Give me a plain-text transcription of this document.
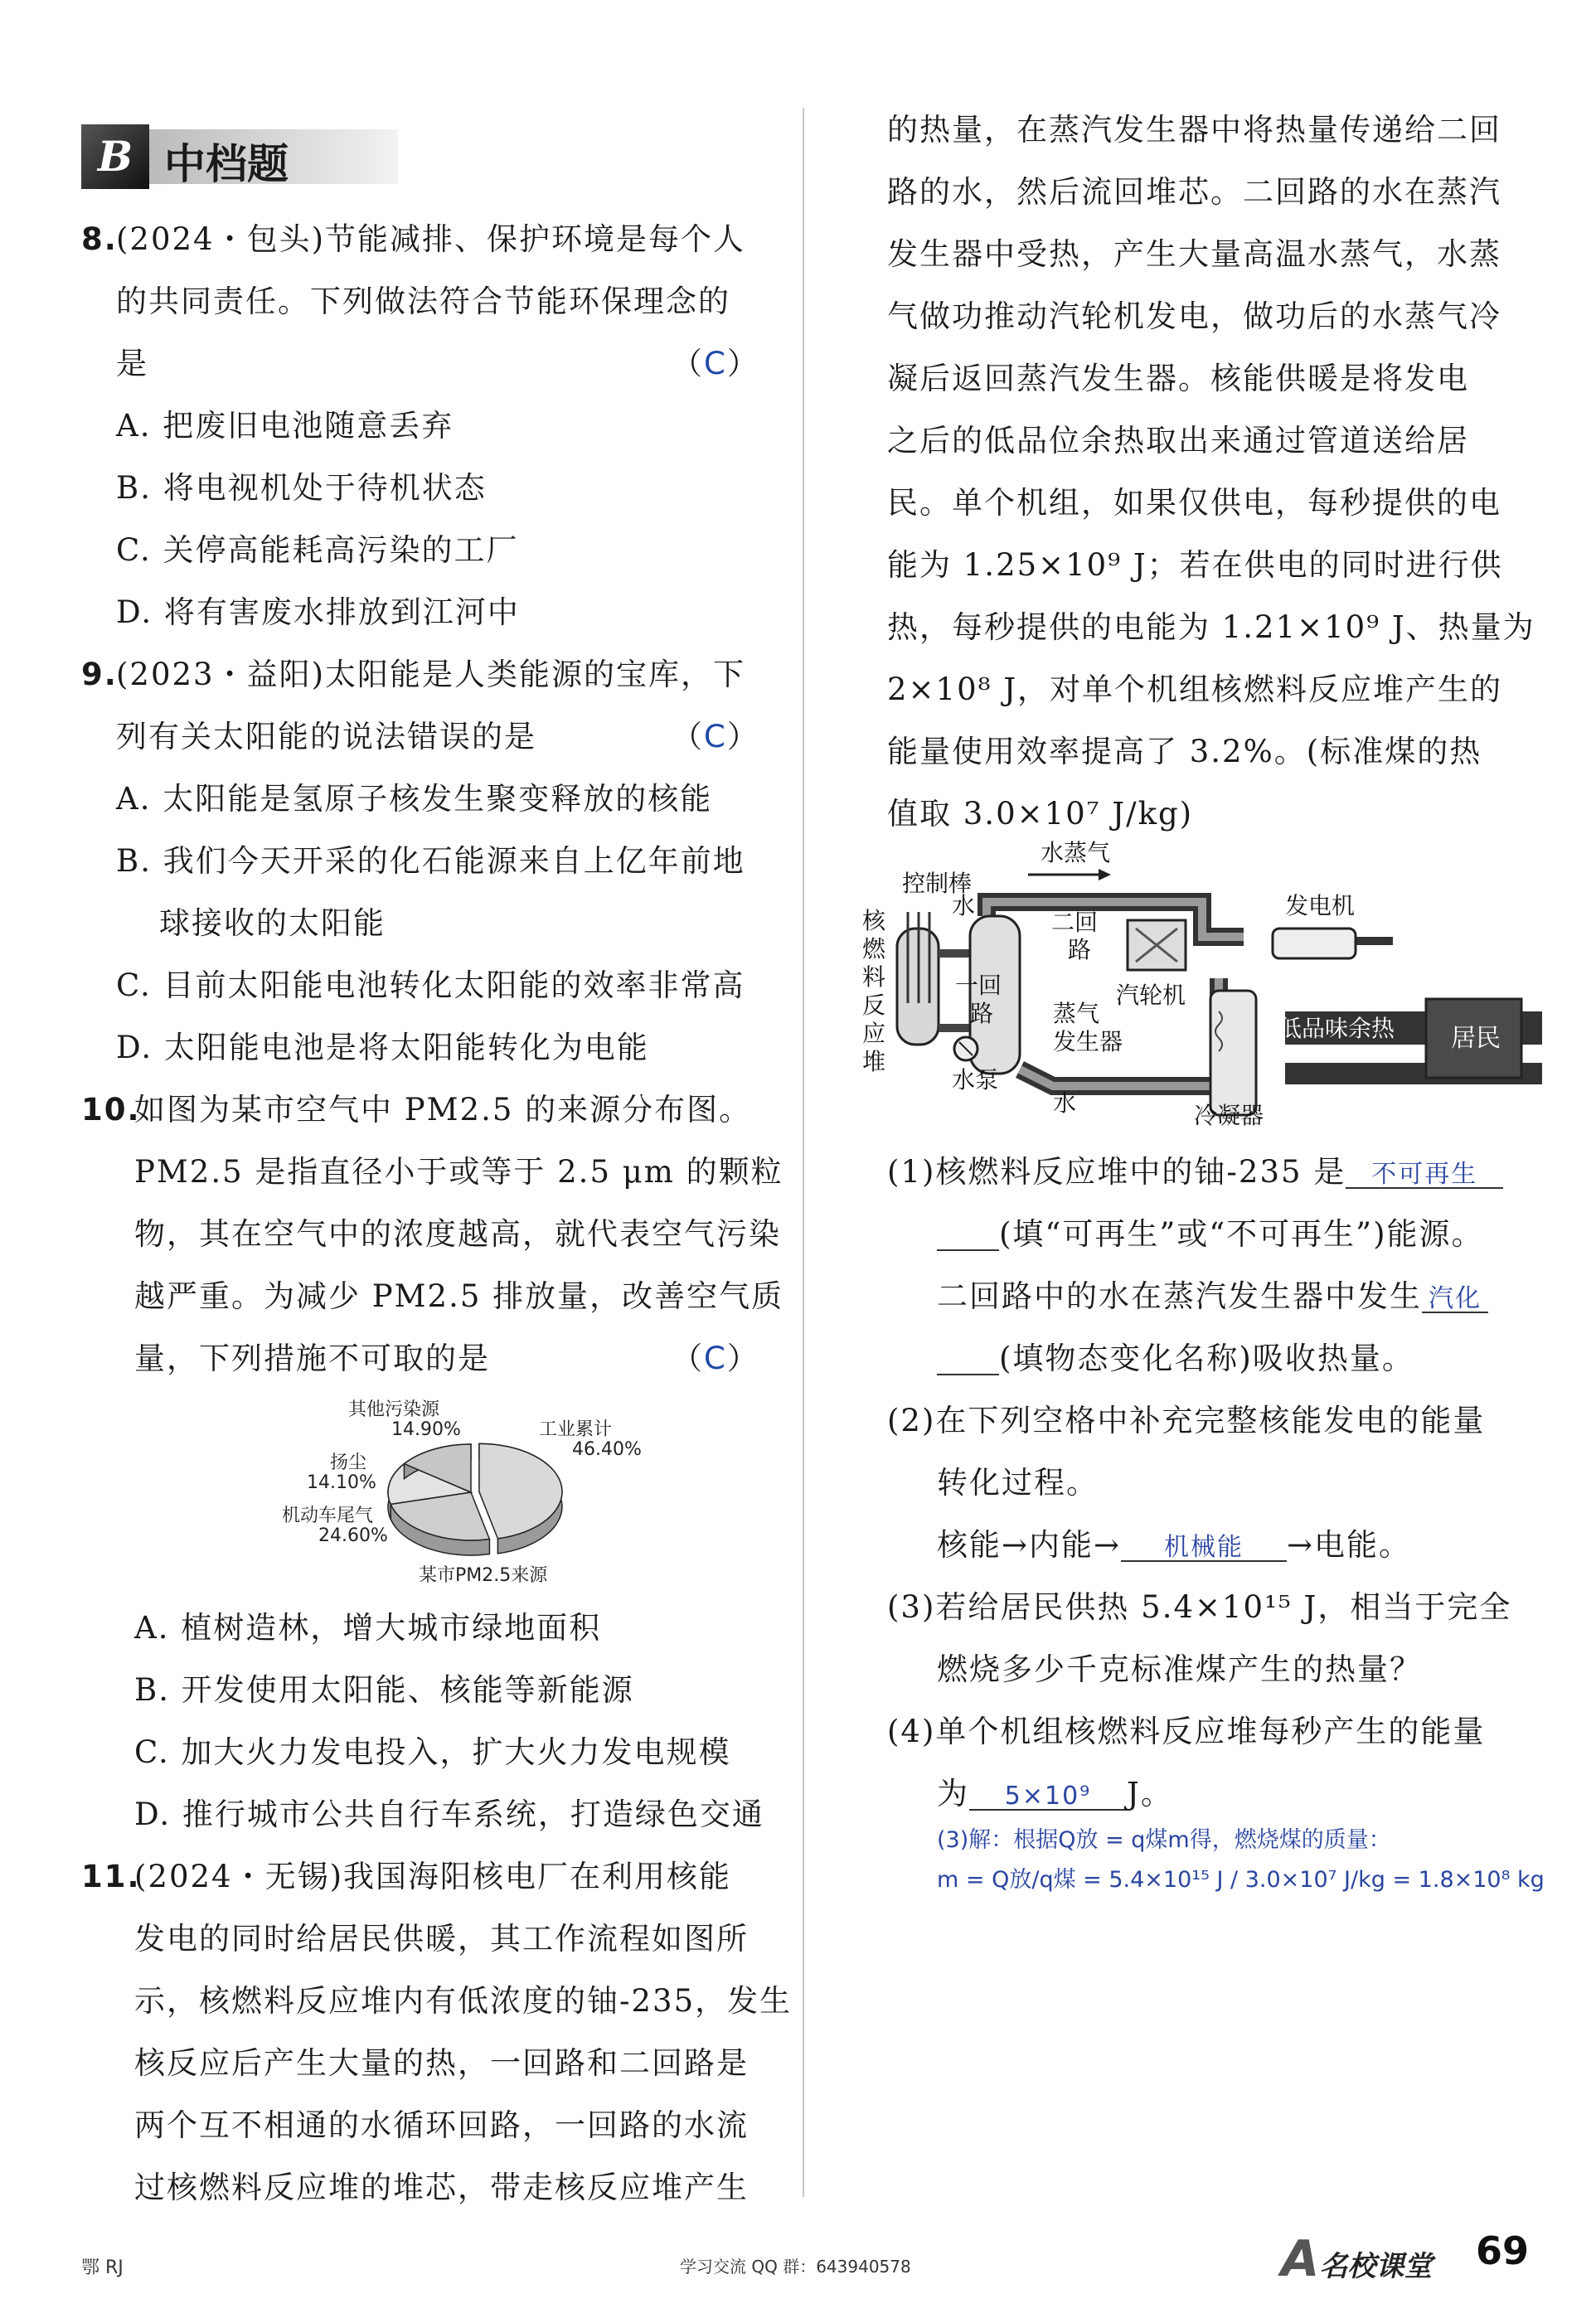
B 中档题
8.
(2024・包头)节能减排、保护环境是每个人
的共同责任。下列做法符合节能环保理念的
是	（C）
A. 把废旧电池随意丢弃
B. 将电视机处于待机状态
C. 关停高能耗高污染的工厂
D. 将有害废水排放到江河中
9.
(2023・益阳)太阳能是人类能源的宝库，下
列有关太阳能的说法错误的是	（C）
A. 太阳能是氢原子核发生聚变释放的核能
B. 我们今天开采的化石能源来自上亿年前地
球接收的太阳能
C. 目前太阳能电池转化太阳能的效率非常高
D. 太阳能电池是将太阳能转化为电能
10.
如图为某市空气中 PM2.5 的来源分布图。
PM2.5 是指直径小于或等于 2.5 μm 的颗粒
物，其在空气中的浓度越高，就代表空气污染
越严重。为减少 PM2.5 排放量，改善空气质
量，下列措施不可取的是	（C）
其他污染源
14.90%	工业累计
46.40%
扬尘
14.10%
机动车尾气
24.60%
某市PM2.5来源
A. 植树造林，增大城市绿地面积
B. 开发使用太阳能、核能等新能源
C. 加大火力发电投入，扩大火力发电规模
D. 推行城市公共自行车系统，打造绿色交通
11.
(2024・无锡)我国海阳核电厂在利用核能
发电的同时给居民供暖，其工作流程如图所
示，核燃料反应堆内有低浓度的铀-235，发生
核反应后产生大量的热，一回路和二回路是
两个互不相通的水循环回路，一回路的水流
过核燃料反应堆的堆芯，带走核反应堆产生
的热量，在蒸汽发生器中将热量传递给二回
路的水，然后流回堆芯。二回路的水在蒸汽
发生器中受热，产生大量高温水蒸气，水蒸
气做功推动汽轮机发电，做功后的水蒸气冷
凝后返回蒸汽发生器。核能供暖是将发电
之后的低品位余热取出来通过管道送给居
民。单个机组，如果仅供电，每秒提供的电
能为 1.25×10⁹ J；若在供电的同时进行供
热，每秒提供的电能为 1.21×10⁹ J、热量为
2×10⁸ J，对单个机组核燃料反应堆产生的
能量使用效率提高了 3.2%。(标准煤的热
值取 3.0×10⁷ J/kg)
水蒸气
控制棒
水
二回
路
发电机
核燃料反应堆
一回路	蒸气发生器
汽轮机
低品味余热 居民
水泵
水	冷凝器
(1)核燃料反应堆中的铀-235 是 不可再生
(填“可再生”或“不可再生”)能源。
二回路中的水在蒸汽发生器中发生 汽化
(填物态变化名称)吸收热量。
(2)在下列空格中补充完整核能发电的能量
转化过程。
核能→内能→ 机械能 →电能。
(3)若给居民供热 5.4×10¹⁵ J，相当于完全
燃烧多少千克标准煤产生的热量？
(4)单个机组核燃料反应堆每秒产生的能量
为 5×10⁹ J。
(3)解：根据Q放 = q煤m得，燃烧煤的质量：
m = Q放/q煤 = 5.4×10¹⁵ J / 3.0×10⁷ J/kg = 1.8×10⁸ kg
鄂 RJ	学习交流 QQ 群：643940578	A名校课堂 69
